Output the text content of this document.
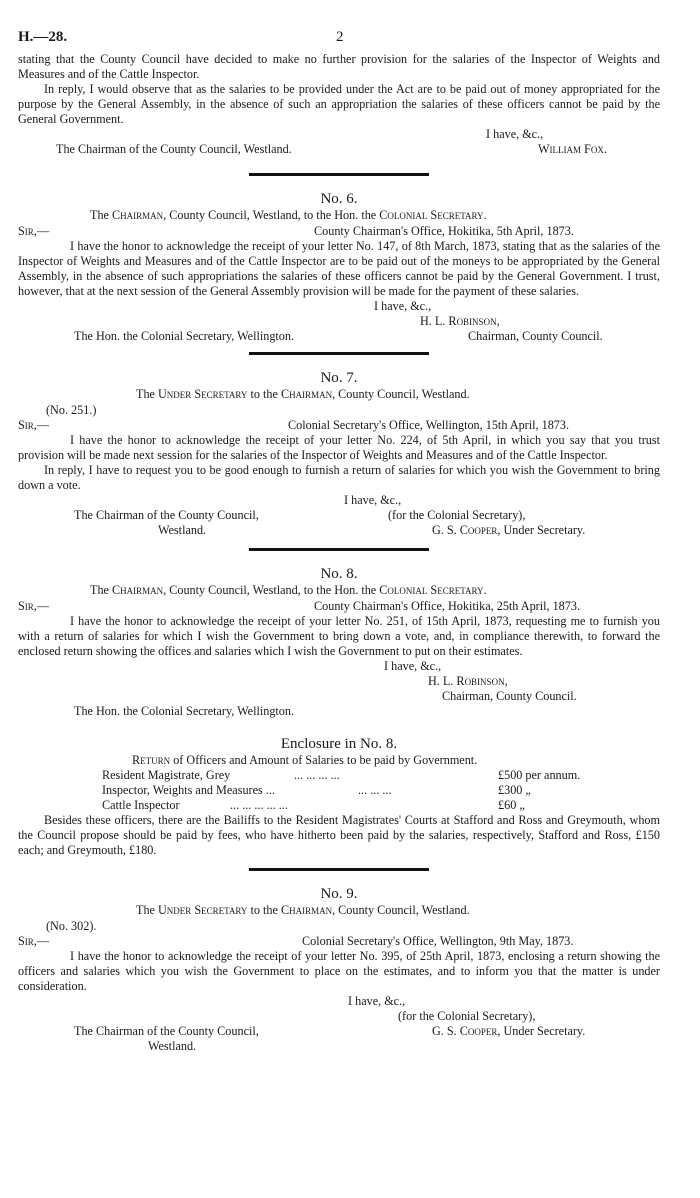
H.—28.	2

stating that the County Council have decided to make no further provision for the salaries of the Inspector of Weights and Measures and of the Cattle Inspector.

In reply, I would observe that as the salaries to be provided under the Act are to be paid out of money appropriated for the purpose by the General Assembly, in the absence of such an appropriation the salaries of these officers cannot be paid by the General Government.

I have, &c.,
The Chairman of the County Council, Westland.	William Fox.
No. 6.
The Chairman, County Council, Westland, to the Hon. the Colonial Secretary.
Sir,—	County Chairman's Office, Hokitika, 5th April, 1873.

I have the honor to acknowledge the receipt of your letter No. 147, of 8th March, 1873, stating that as the salaries of the Inspector of Weights and Measures and of the Cattle Inspector are to be paid out of the moneys to be appropriated by the General Assembly, in the absence of such appropriations the salaries of these officers cannot be paid by the General Government. I trust, however, that at the next session of the General Assembly provision will be made for the payment of these salaries.

I have, &c.,
H. L. Robinson,
The Hon. the Colonial Secretary, Wellington.	Chairman, County Council.
No. 7.
The Under Secretary to the Chairman, County Council, Westland.
(No. 251.)
Sir,—	Colonial Secretary's Office, Wellington, 15th April, 1873.

I have the honor to acknowledge the receipt of your letter No. 224, of 5th April, in which you say that you trust provision will be made next session for the salaries of the Inspector of Weights and Measures and of the Cattle Inspector.

In reply, I have to request you to be good enough to furnish a return of salaries for which you wish the Government to bring down a vote.

I have, &c.,
The Chairman of the County Council,	(for the Colonial Secretary),
Westland.	G. S. Cooper, Under Secretary.
No. 8.
The Chairman, County Council, Westland, to the Hon. the Colonial Secretary.
Sir,—	County Chairman's Office, Hokitika, 25th April, 1873.

I have the honor to acknowledge the receipt of your letter No. 251, of 15th April, 1873, requesting me to furnish you with a return of salaries for which I wish the Government to bring down a vote, and, in compliance therewith, to forward the enclosed return showing the offices and salaries which I wish the Government to put on their estimates.

I have, &c.,
H. L. Robinson,
Chairman, County Council.
The Hon. the Colonial Secretary, Wellington.
Enclosure in No. 8.
Return of Officers and Amount of Salaries to be paid by Government.
Resident Magistrate, Grey	... ... ... ...	£500 per annum.
Inspector, Weights and Measures ...	... ... ...	£300 „
Cattle Inspector	... ... ... ... ...	£60 „

Besides these officers, there are the Bailiffs to the Resident Magistrates' Courts at Stafford and Ross and Greymouth, whom the Council propose should be paid by fees, who have hitherto been paid by the salaries, respectively, Stafford and Ross, £150 each; and Greymouth, £180.

No. 9.
The Under Secretary to the Chairman, County Council, Westland.
(No. 302).
Sir,—	Colonial Secretary's Office, Wellington, 9th May, 1873.

I have the honor to acknowledge the receipt of your letter No. 395, of 25th April, 1873, enclosing a return showing the officers and salaries which you wish the Government to place on the estimates, and to inform you that the matter is under consideration.

I have, &c.,
(for the Colonial Secretary),
The Chairman of the County Council,	G. S. Cooper, Under Secretary.
Westland.
